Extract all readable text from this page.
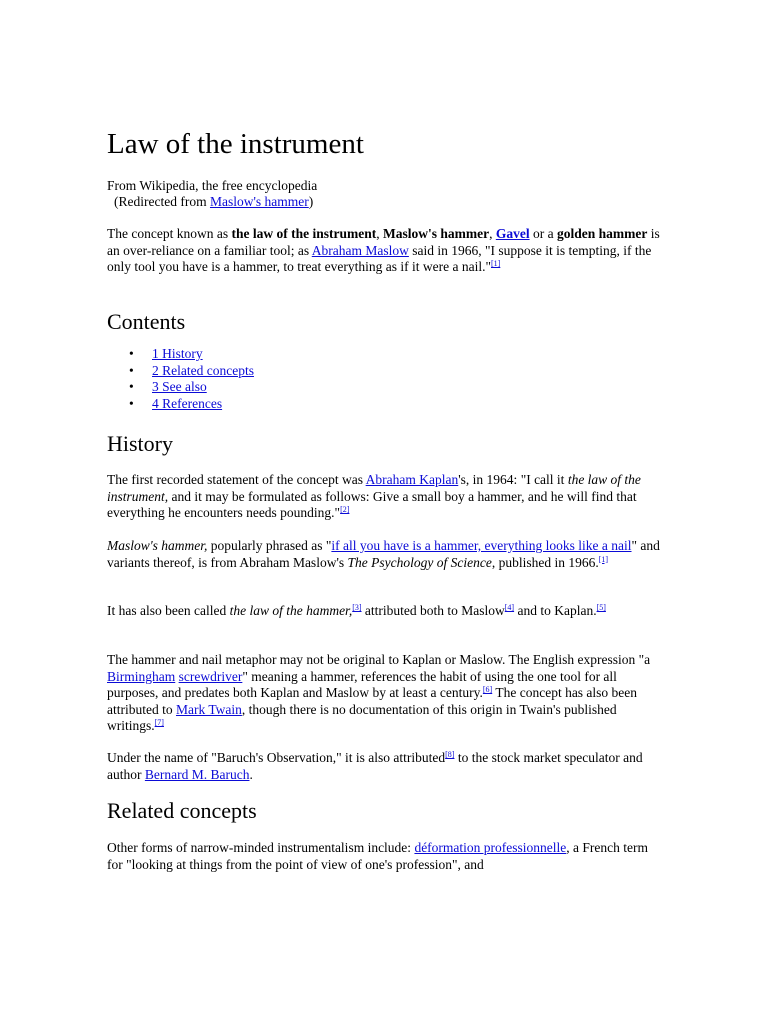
Law of the instrument
From Wikipedia, the free encyclopedia
(Redirected from Maslow's hammer)

The concept known as the law of the instrument, Maslow's hammer, Gavel or a golden hammer is an over-reliance on a familiar tool; as Abraham Maslow said in 1966, "I suppose it is tempting, if the only tool you have is a hammer, to treat everything as if it were a nail."[1]

Contents
• 1 History
• 2 Related concepts
• 3 See also
• 4 References
History

The first recorded statement of the concept was Abraham Kaplan's, in 1964: "I call it the law of the instrument, and it may be formulated as follows: Give a small boy a hammer, and he will find that everything he encounters needs pounding."[2]

Maslow's hammer, popularly phrased as "if all you have is a hammer, everything looks like a nail" and variants thereof, is from Abraham Maslow's The Psychology of Science, published in 1966.[1]

It has also been called the law of the hammer,[3] attributed both to Maslow[4] and to Kaplan.[5]

The hammer and nail metaphor may not be original to Kaplan or Maslow. The English expression "a Birmingham screwdriver" meaning a hammer, references the habit of using the one tool for all purposes, and predates both Kaplan and Maslow by at least a century.[6] The concept has also been attributed to Mark Twain, though there is no documentation of this origin in Twain's published writings.[7]

Under the name of "Baruch's Observation," it is also attributed[8] to the stock market speculator and author Bernard M. Baruch.

Related concepts

Other forms of narrow-minded instrumentalism include: déformation professionnelle, a French term for "looking at things from the point of view of one's profession", and
